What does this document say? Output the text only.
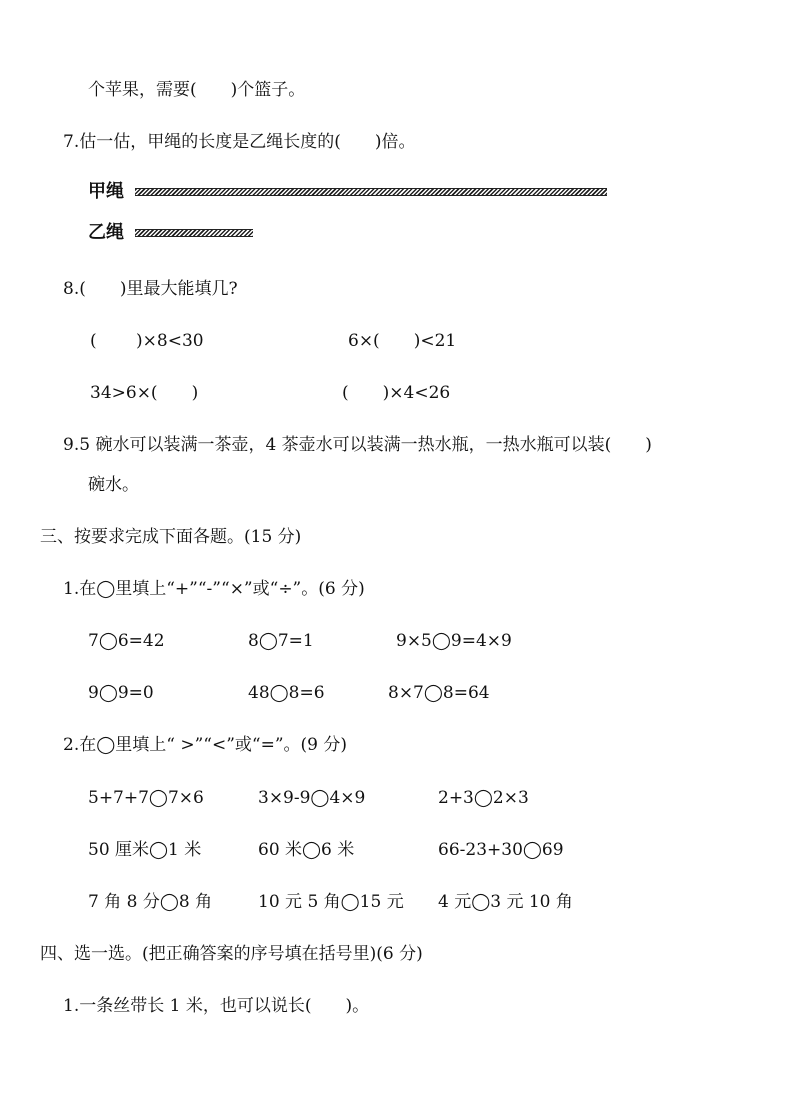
个苹果，需要(　　)个篮子。
7.估一估，甲绳的长度是乙绳长度的(　　)倍。
甲绳
乙绳
8.(　　)里最大能填几?
(　　 )×8<30	6×(　　)<21
34>6×(　　)	(　　)×4<26
9.5 碗水可以装满一茶壶，4 茶壶水可以装满一热水瓶，一热水瓶可以装(　　)
碗水。
三、按要求完成下面各题。(15 分)
1.在◯里填上“+”“-”“×”或“÷”。(6 分)
7◯6=42	8◯7=1	9×5◯9=4×9
9◯9=0	48◯8=6	8×7◯8=64
2.在◯里填上“ >”“<”或“=”。(9 分)
5+7+7◯7×6	3×9-9◯4×9	2+3◯2×3
50 厘米◯1 米	60 米◯6 米	66-23+30◯69
7 角 8 分◯8 角	10 元 5 角◯15 元 4 元◯3 元 10 角
四、选一选。(把正确答案的序号填在括号里)(6 分)
1.一条丝带长 1 米，也可以说长(　　)。
